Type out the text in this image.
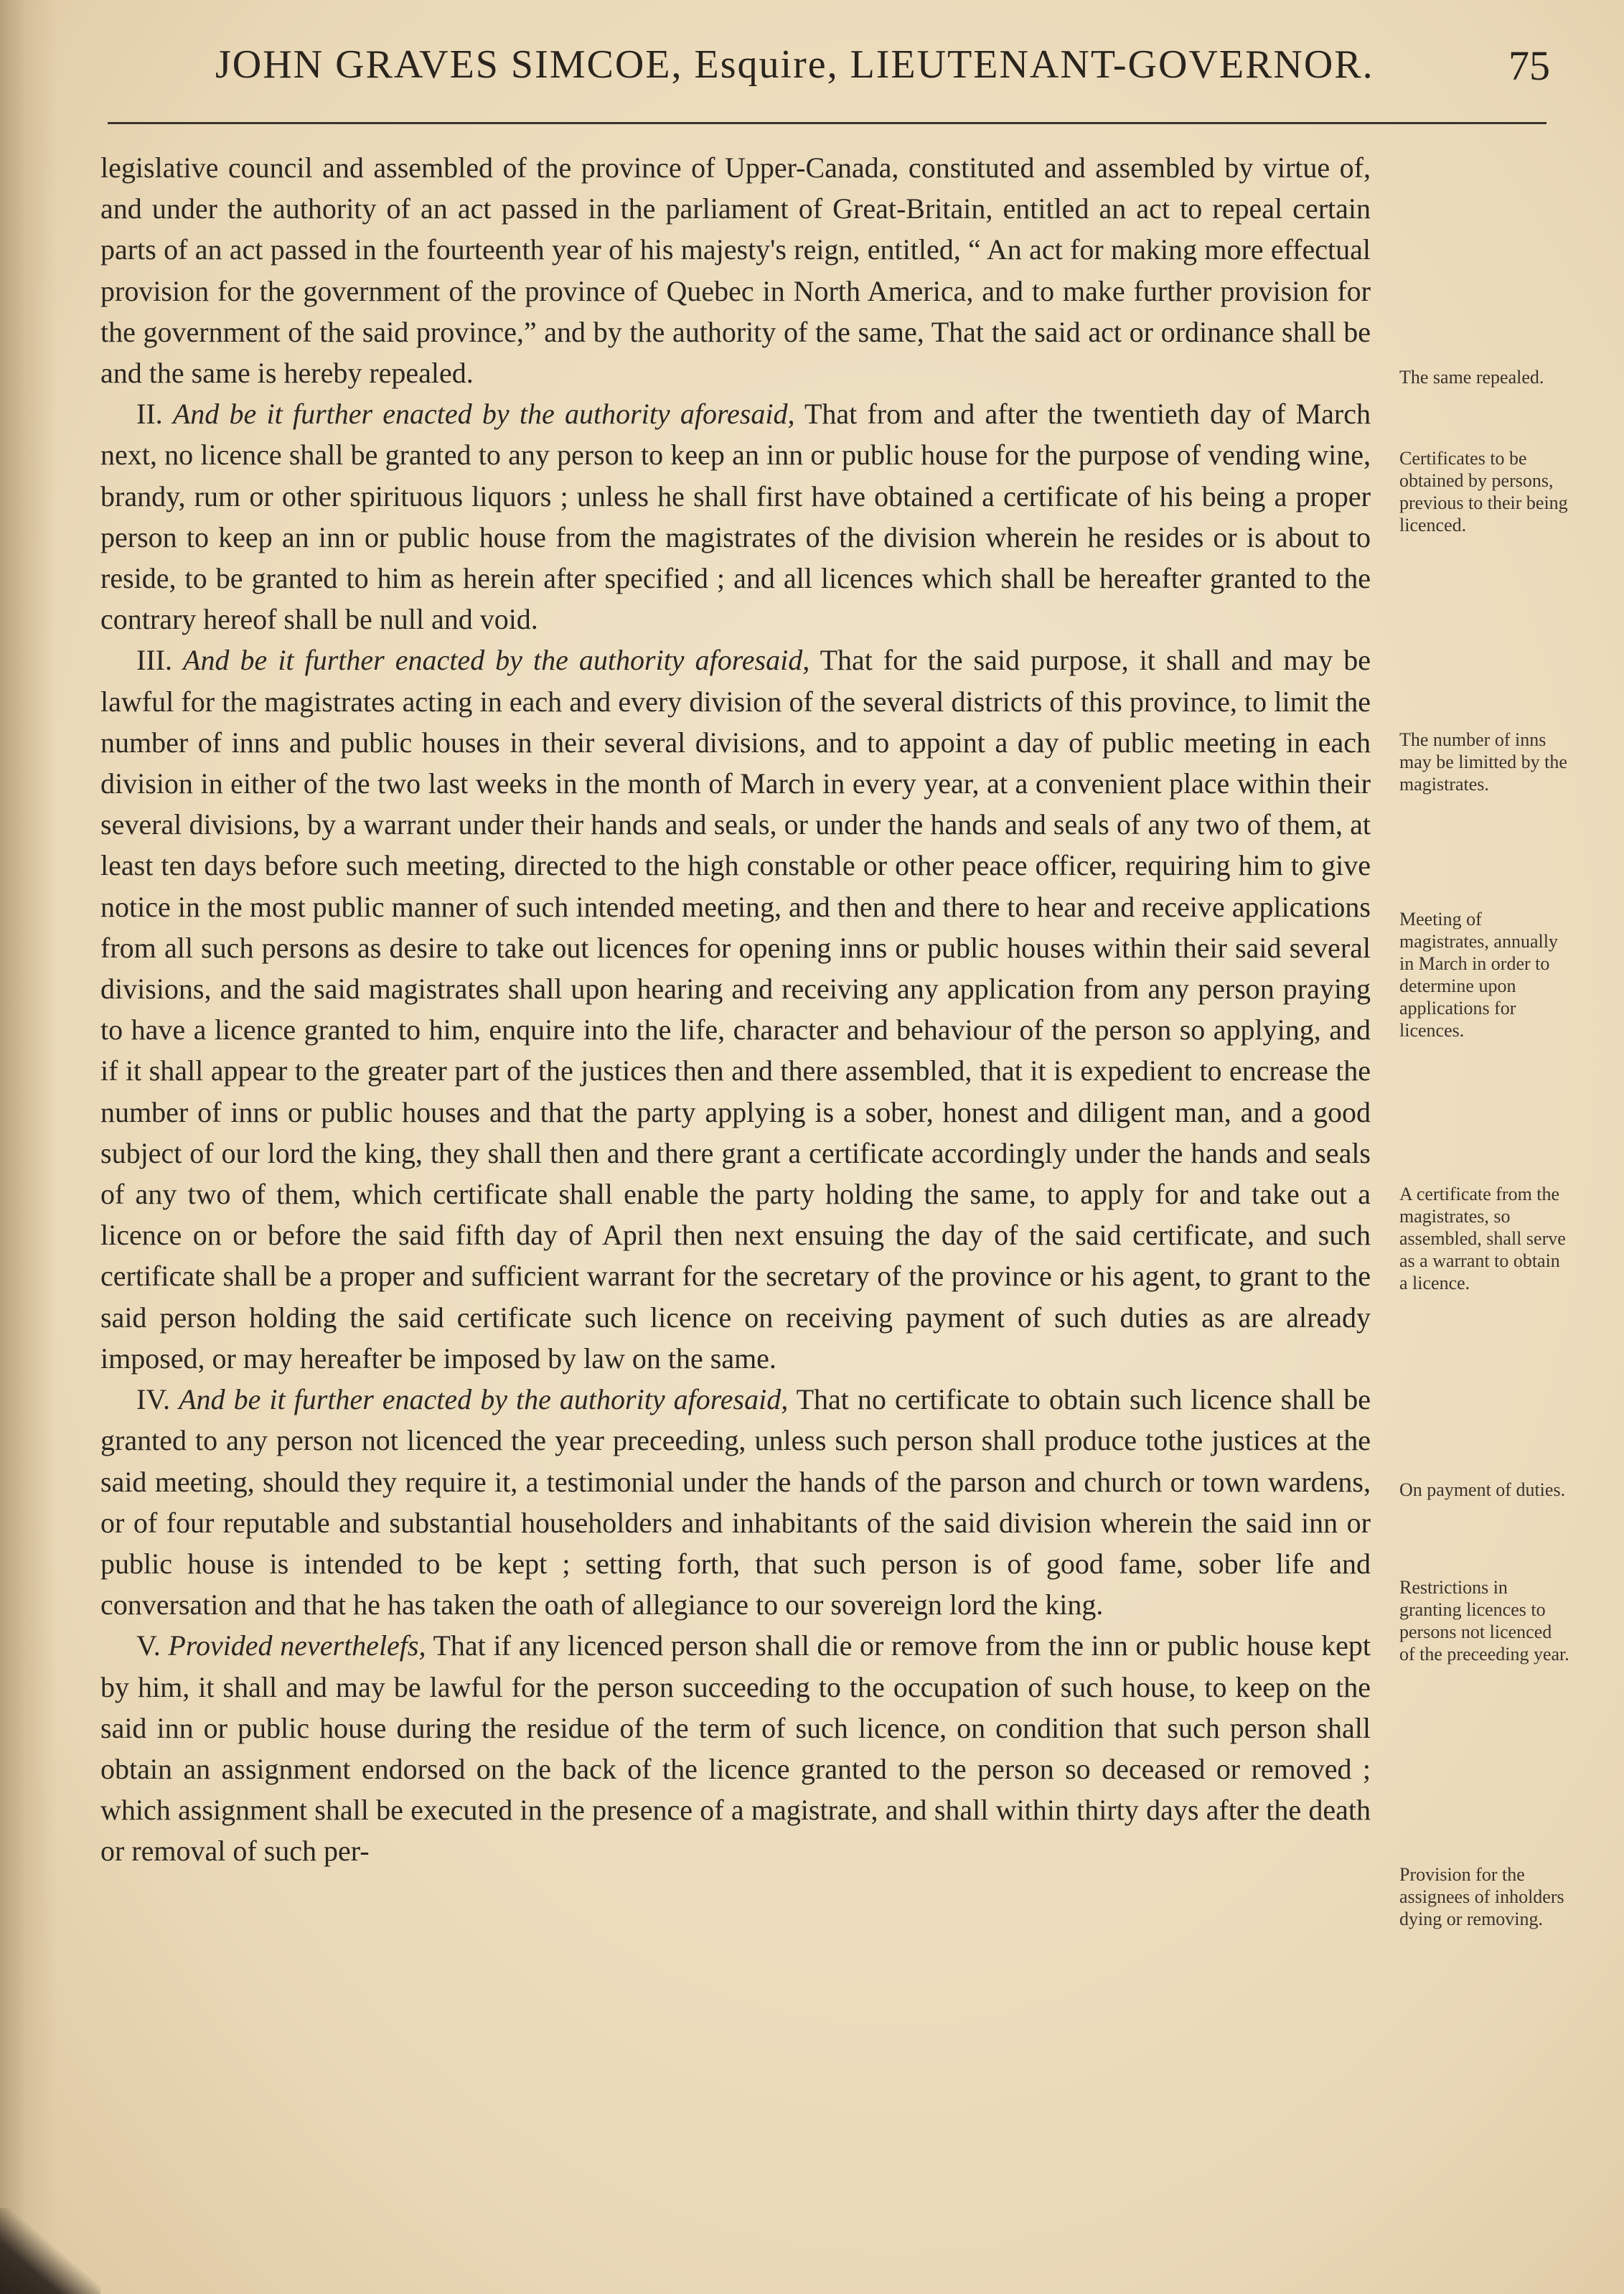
JOHN GRAVES SIMCOE, Esquire, LIEUTENANT-GOVERNOR.	75

legislative council and assembled of the province of Upper-Canada, constituted and assembled by virtue of, and under the authority of an act passed in the parliament of Great-Britain, entitled an act to repeal certain parts of an act passed in the fourteenth year of his majesty's reign, entitled, “ An act for making more effectual provision for the government of the province of Quebec in North America, and to make further provision for the government of the said province,” and by the authority of the same, That the said act or ordinance shall be and the same is hereby repealed.

II. And be it further enacted by the authority aforesaid, That from and after the twentieth day of March next, no licence shall be granted to any person to keep an inn or public house for the purpose of vending wine, brandy, rum or other spirituous liquors ; unless he shall first have obtained a certificate of his being a proper person to keep an inn or public house from the magistrates of the division wherein he resides or is about to reside, to be granted to him as herein after specified ; and all licences which shall be hereafter granted to the contrary hereof shall be null and void.

III. And be it further enacted by the authority aforesaid, That for the said purpose, it shall and may be lawful for the magistrates acting in each and every division of the several districts of this province, to limit the number of inns and public houses in their several divisions, and to appoint a day of public meeting in each division in either of the two last weeks in the month of March in every year, at a convenient place within their several divisions, by a warrant under their hands and seals, or under the hands and seals of any two of them, at least ten days before such meeting, directed to the high constable or other peace officer, requiring him to give notice in the most public manner of such intended meeting, and then and there to hear and receive applications from all such persons as desire to take out licences for opening inns or public houses within their said several divisions, and the said magistrates shall upon hearing and receiving any application from any person praying to have a licence granted to him, enquire into the life, character and behaviour of the person so applying, and if it shall appear to the greater part of the justices then and there assembled, that it is expedient to encrease the number of inns or public houses and that the party applying is a sober, honest and diligent man, and a good subject of our lord the king, they shall then and there grant a certificate accordingly under the hands and seals of any two of them, which certificate shall enable the party holding the same, to apply for and take out a licence on or before the said fifth day of April then next ensuing the day of the said certificate, and such certificate shall be a proper and sufficient warrant for the secretary of the province or his agent, to grant to the said person holding the said certificate such licence on receiving payment of such duties as are already imposed, or may hereafter be imposed by law on the same.

IV. And be it further enacted by the authority aforesaid, That no certificate to obtain such licence shall be granted to any person not licenced the year preceeding, unless such person shall produce tothe justices at the said meeting, should they require it, a testimonial under the hands of the parson and church or town wardens, or of four reputable and substantial householders and inhabitants of the said division wherein the said inn or public house is intended to be kept ; setting forth, that such person is of good fame, sober life and conversation and that he has taken the oath of allegiance to our sovereign lord the king.

V. Provided neverthelefs, That if any licenced person shall die or remove from the inn or public house kept by him, it shall and may be lawful for the person succeeding to the occupation of such house, to keep on the said inn or public house during the residue of the term of such licence, on condition that such person shall obtain an assignment endorsed on the back of the licence granted to the person so deceased or removed ; which assignment shall be executed in the presence of a magistrate, and shall within thirty days after the death or removal of such per-

The same repealed.
Certificates to be obtained by persons, previous to their being licenced.
The number of inns may be limitted by the magistrates.
Meeting of magistrates, annually in March in order to determine upon applications for licences.
A certificate from the magistrates, so assembled, shall serve as a warrant to obtain a licence.
On payment of duties.
Restrictions in granting licences to persons not licenced of the preceeding year.
Provision for the assignees of inholders dying or removing.
